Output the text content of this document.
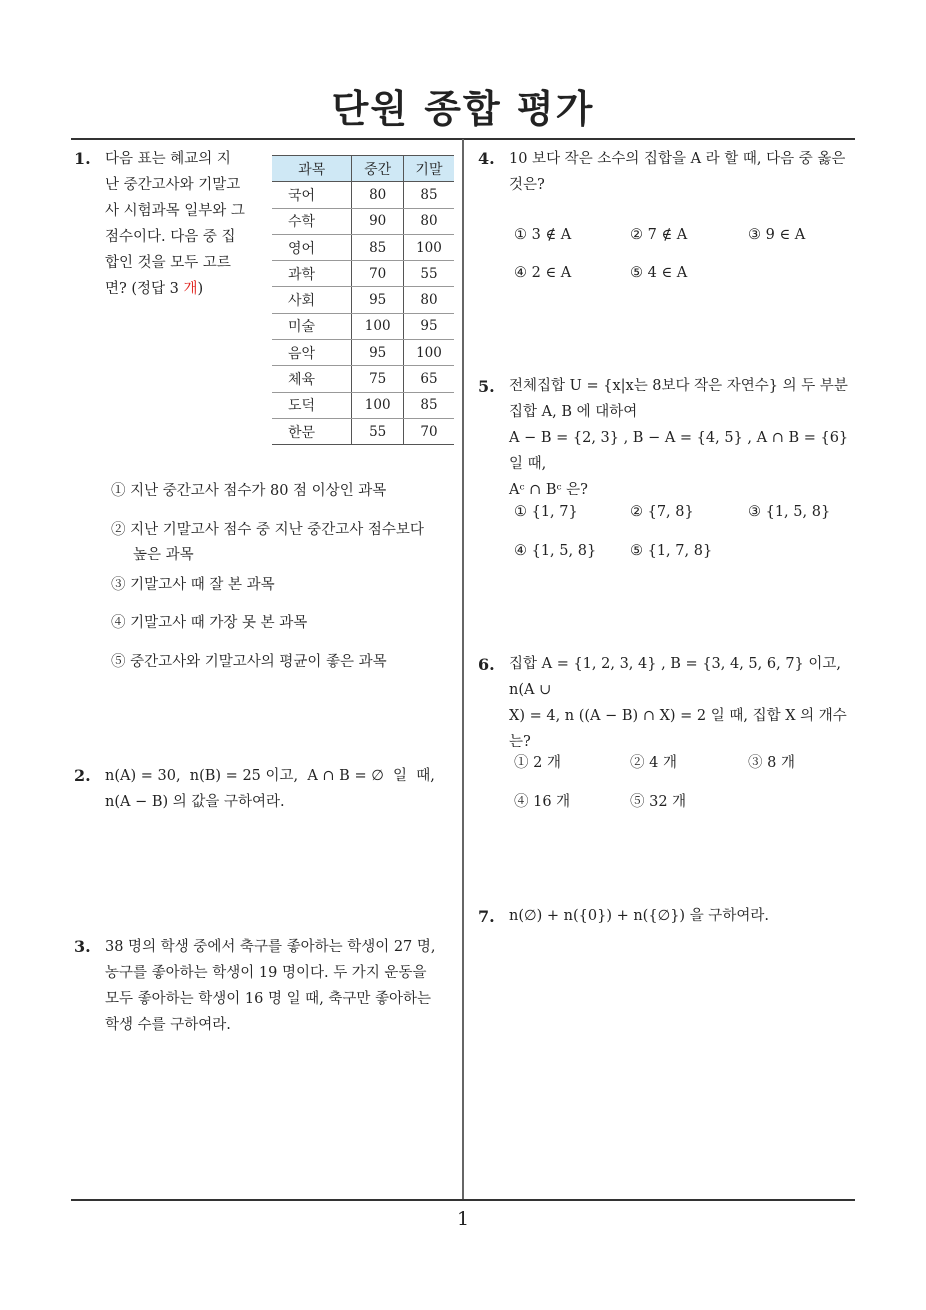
단원 종합 평가
1. 다음 표는 혜교의 지
난 중간고사와 기말고
사 시험과목 일부와 그
점수이다. 다음 중 집
합인 것을 모두 고르
면? (정답 3 개)
과목	중간	기말
국어	80	85
수학	90	80
영어	85	100
과학	70	55
사회	95	80
미술	100	95
음악	95	100
체육	75	65
도덕	100	85
한문	55	70
① 지난 중간고사 점수가 80 점 이상인 과목
② 지난 기말고사 점수 중 지난 중간고사 점수보다
높은 과목
③ 기말고사 때 잘 본 과목
④ 기말고사 때 가장 못 본 과목
⑤ 중간고사와 기말고사의 평균이 좋은 과목
2. n(A) = 30,  n(B) = 25 이고,  A ∩ B = ∅  일  때,
n(A − B) 의 값을 구하여라.
3. 38 명의 학생 중에서 축구를 좋아하는 학생이 27 명,
농구를 좋아하는 학생이 19 명이다. 두 가지 운동을
모두 좋아하는 학생이 16 명 일 때, 축구만 좋아하는
학생 수를 구하여라.
4. 10 보다 작은 소수의 집합을 A 라 할 때, 다음 중 옳은
것은?
① 3 ∉ A	② 7 ∉ A	③ 9 ∈ A
④ 2 ∈ A	⑤ 4 ∈ A
5. 전체집합 U = {x|x는 8보다 작은 자연수} 의 두 부분
집합 A, B 에 대하여
A − B = {2, 3} , B − A = {4, 5} , A ∩ B = {6} 일 때,
Aᶜ ∩ Bᶜ 은?
① {1, 7}	② {7, 8}	③ {1, 5, 8}
④ {1, 5, 8} ⑤ {1, 7, 8}
6. 집합 A = {1, 2, 3, 4} , B = {3, 4, 5, 6, 7} 이고, n(A ∪
X) = 4, n ((A − B) ∩ X) = 2 일 때, 집합 X 의 개수
는?
① 2 개	② 4 개	③ 8 개
④ 16 개	⑤ 32 개
7. n(∅) + n({0}) + n({∅}) 을 구하여라.
1
